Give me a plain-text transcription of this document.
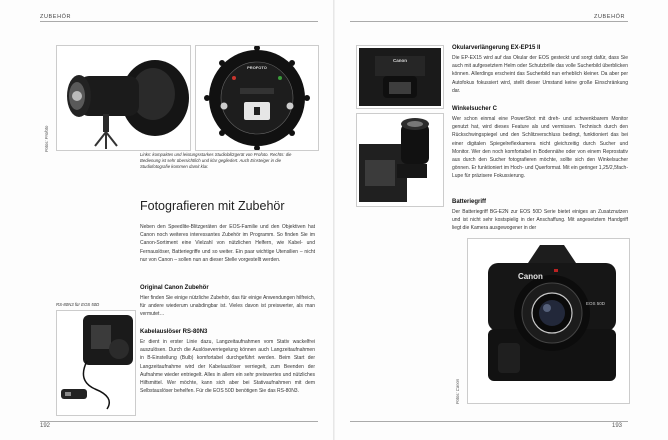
ZUBEHÖR
Fotos: Profoto
PROFOTO
Links: kompaktes und leistungsstarkes Studioblitzgerät von Profoto. Rechts: die Bedienung ist sehr übersichtlich und klar gegliedert. Auch Einsteiger in die Studiofotografie kommen damit klar.
Fotografieren mit Zubehör
Neben den Speedlite-Blitzgeräten der EOS-Familie und den Objektiven hat Canon noch weiteres interessantes Zubehör im Programm. So finden Sie im Canon-Sortiment eine Vielzahl von nützlichen Helfern, wie Kabel- und Fernauslöser, Batteriegriffe und so weiter. Ein paar wichtige Utensilien – nicht nur von Canon – sollen nun an dieser Stelle vorgestellt werden.
RS-80N3 für EOS 50D
Original Canon Zubehör
Hier finden Sie einige nützliche Zubehör, das für einige Anwendungen hilfreich, für andere wiederum unabdingbar ist. Vieles davon ist preiswerter, als man vermutet…
Kabelauslöser RS-80N3
Er dient in erster Linie dazu, Langzeitaufnahmen vom Stativ wackelfrei auszulösen. Durch die Auslöseverriegelung können auch Langzeitaufnahmen in B-Einstellung (Bulb) komfortabel durchgeführt werden. Beim Start der Langzeitaufnahme wird der Kabelauslöser verriegelt, zum Beenden der Aufnahme wieder entriegelt. Alles in allem ein sehr preiswertes und nützliches Hilfsmittel. Wer möchte, kann sich aber bei Stativaufnahmen mit dem Selbstauslöser behelfen. Für die EOS 50D benötigen Sie das RS-80N3.
192
ZUBEHÖR
Canon
Okularverlängerung EX-EP15 II
Die EP-EX15 wird auf das Okular der EOS gesteckt und sorgt dafür, dass Sie auch mit aufgesetztem Helm oder Schutzbrille das volle Sucherbild überblicken können. Allerdings erscheint das Sucherbild nun erheblich kleiner. Da aber per Autofokus fokussiert wird, stellt dieser Umstand keine große Einschränkung dar.
Winkelsucher C
Wer schon einmal eine PowerShot mit dreh- und schwenkbarem Monitor genutzt hat, wird dieses Feature als und vermissen. Technisch durch den Rückschwingspiegel und den Schlitzverschluss bedingt, funktioniert das bei einer digitalen Spiegelreflexkamera nicht gleichzeitig durch Sucher und Monitor. Wer den noch komfortabel in Bodennähe oder von einem Reprostativ aus durch den Sucher fotografieren möchte, sollte sich den Winkelsucher gönnen. Er funktioniert im Hoch- und Querformat. Mit ein geringer 1,25/2,5fach-Lupe für präzisere Fokussierung.
Batteriegriff
Der Batteriegriff BG-E2N zur EOS 50D Serie bietet einiges an Zusatznutzen und ist nicht sehr kostspielig in der Anschaffung. Mit angesetztem Handgriff liegt die Kamera ausgewogener in der
Fotos: Canon
Canon
EOS 50D
193
